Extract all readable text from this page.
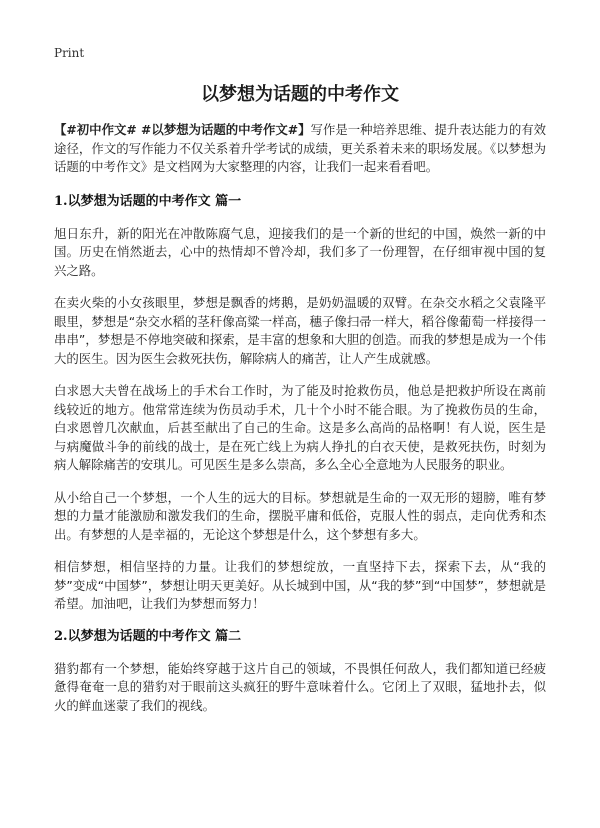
Print
以梦想为话题的中考作文

【#初中作文# #以梦想为话题的中考作文#】写作是一种培养思维、提升表达能力的有效途径，作文的写作能力不仅关系着升学考试的成绩，更关系着未来的职场发展。《以梦想为话题的中考作文》是文档网为大家整理的内容，让我们一起来看看吧。

1.以梦想为话题的中考作文 篇一

旭日东升，新的阳光在冲散陈腐气息，迎接我们的是一个新的世纪的中国，焕然一新的中国。历史在悄然逝去，心中的热情却不曾冷却，我们多了一份理智，在仔细审视中国的复兴之路。

在卖火柴的小女孩眼里，梦想是飘香的烤鹅，是奶奶温暖的双臂。在杂交水稻之父袁隆平眼里，梦想是“杂交水稻的茎秆像高粱一样高，穗子像扫帚一样大，稻谷像葡萄一样接得一串串”，梦想是不停地突破和探索，是丰富的想象和大胆的创造。而我的梦想是成为一个伟大的医生。因为医生会救死扶伤，解除病人的痛苦，让人产生成就感。

白求恩大夫曾在战场上的手术台工作时，为了能及时抢救伤员，他总是把救护所设在离前线较近的地方。他常常连续为伤员动手术，几十个小时不能合眼。为了挽救伤员的生命，白求恩曾几次献血，后甚至献出了自己的生命。这是多么高尚的品格啊！有人说，医生是与病魔做斗争的前线的战士，是在死亡线上为病人挣扎的白衣天使，是救死扶伤，时刻为病人解除痛苦的安琪儿。可见医生是多么崇高，多么全心全意地为人民服务的职业。

从小给自己一个梦想，一个人生的远大的目标。梦想就是生命的一双无形的翅膀，唯有梦想的力量才能激励和激发我们的生命，摆脱平庸和低俗，克服人性的弱点，走向优秀和杰出。有梦想的人是幸福的，无论这个梦想是什么，这个梦想有多大。

相信梦想，相信坚持的力量。让我们的梦想绽放，一直坚持下去，探索下去，从“我的梦”变成“中国梦”，梦想让明天更美好。从长城到中国，从“我的梦”到“中国梦”，梦想就是希望。加油吧，让我们为梦想而努力！

2.以梦想为话题的中考作文 篇二

猎豹都有一个梦想，能始终穿越于这片自己的领域，不畏惧任何敌人，我们都知道已经疲惫得奄奄一息的猎豹对于眼前这头疯狂的野牛意味着什么。它闭上了双眼，猛地扑去，似火的鲜血迷蒙了我们的视线。
